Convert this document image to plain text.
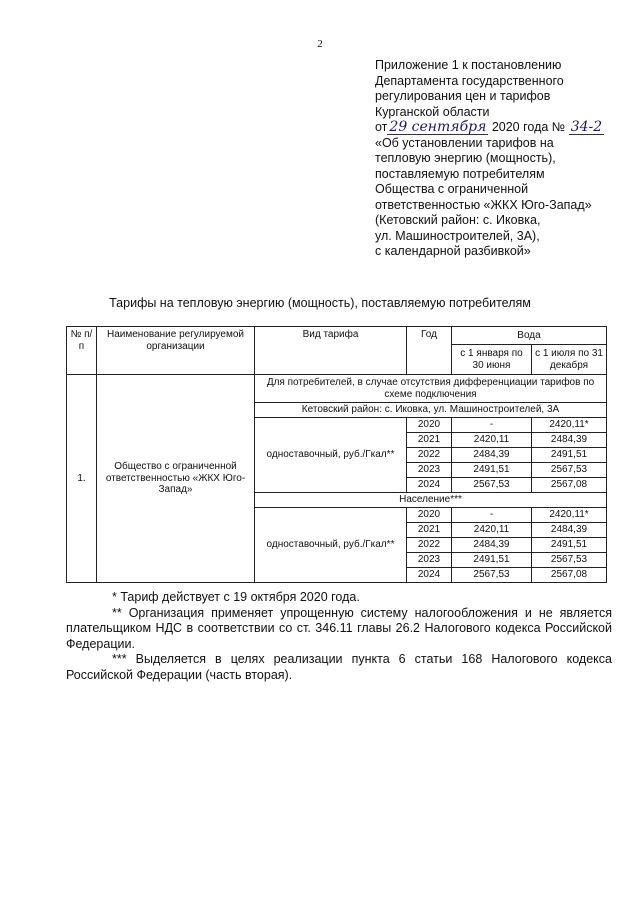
2
Приложение 1 к постановлению
Департамента государственного
регулирования цен и тарифов
Курганской области
от 29 сентября 2020 года № 34-2
«Об установлении тарифов на
тепловую энергию (мощность),
поставляемую потребителям
Общества с ограниченной
ответственностью «ЖКХ Юго-Запад»
(Кетовский район: с. Иковка,
ул. Машиностроителей, 3А),
с календарной разбивкой»
Тарифы на тепловую энергию (мощность), поставляемую потребителям
№ п/п	Наименование регулируемой организации	Вид тарифа	Год	Вода	
				с 1 января по 30 июня	с 1 июля по 31 декабря
1.	Общество с ограниченной ответственностью «ЖКХ Юго-Запад»	Для потребителей, в случае отсутствия дифференциации тарифов по схеме подключения			
		Кетовский район: с. Иковка, ул. Машиностроителей, 3А			
		одноставочный, руб./Гкал**	2020	-	2420,11*
			2021	2420,11	2484,39
			2022	2484,39	2491,51
			2023	2491,51	2567,53
			2024	2567,53	2567,08
		Население***			
		одноставочный, руб./Гкал**	2020	-	2420,11*
			2021	2420,11	2484,39
			2022	2484,39	2491,51
			2023	2491,51	2567,53
			2024	2567,53	2567,08

* Тариф действует с 19 октября 2020 года.

** Организация применяет упрощенную систему налогообложения и не является плательщиком НДС в соответствии со ст. 346.11 главы 26.2 Налогового кодекса Российской Федерации.

*** Выделяется в целях реализации пункта 6 статьи 168 Налогового кодекса Российской Федерации (часть вторая).
